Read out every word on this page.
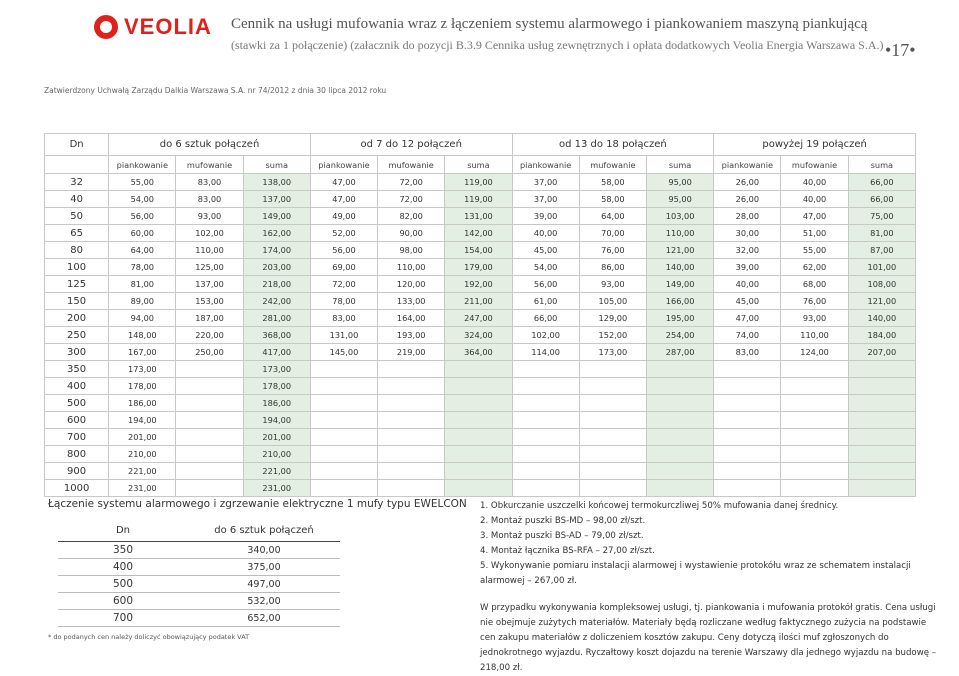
VEOLIA Cennik na usługi mufowania wraz z łączeniem systemu alarmowego i piankowaniem maszyną piankującą
(stawki za 1 połączenie) (załacznik do pozycji B.3.9 Cennika usług zewnętrznych i opłata dodatkowych Veolia Energia Warszawa S.A.) •17•
Zatwierdzony Uchwałą Zarządu Dalkia Warszawa S.A. nr 74/2012 z dnia 30 lipca 2012 roku
Dn	do 6 sztuk połączeń			od 7 do 12 połączeń			od 13 do 18 połączeń			powyżej 19 połączeń		
	piankowanie	mufowanie	suma	piankowanie	mufowanie	suma	piankowanie	mufowanie	suma	piankowanie	mufowanie	suma
32	55,00	83,00	138,00	47,00	72,00	119,00	37,00	58,00	95,00	26,00	40,00	66,00
40	54,00	83,00	137,00	47,00	72,00	119,00	37,00	58,00	95,00	26,00	40,00	66,00
50	56,00	93,00	149,00	49,00	82,00	131,00	39,00	64,00	103,00	28,00	47,00	75,00
65	60,00	102,00	162,00	52,00	90,00	142,00	40,00	70,00	110,00	30,00	51,00	81,00
80	64,00	110,00	174,00	56,00	98,00	154,00	45,00	76,00	121,00	32,00	55,00	87,00
100	78,00	125,00	203,00	69,00	110,00	179,00	54,00	86,00	140,00	39,00	62,00	101,00
125	81,00	137,00	218,00	72,00	120,00	192,00	56,00	93,00	149,00	40,00	68,00	108,00
150	89,00	153,00	242,00	78,00	133,00	211,00	61,00	105,00	166,00	45,00	76,00	121,00
200	94,00	187,00	281,00	83,00	164,00	247,00	66,00	129,00	195,00	47,00	93,00	140,00
250	148,00	220,00	368,00	131,00	193,00	324,00	102,00	152,00	254,00	74,00	110,00	184,00
300	167,00	250,00	417,00	145,00	219,00	364,00	114,00	173,00	287,00	83,00	124,00	207,00
350	173,00		173,00									
400	178,00		178,00									
500	186,00		186,00									
600	194,00		194,00									
700	201,00		201,00									
800	210,00		210,00									
900	221,00		221,00									
1000	231,00		231,00									
Łączenie systemu alarmowego i zgrzewanie elektryczne 1 mufy typu EWELCON
Dn	do 6 sztuk połączeń
350	340,00
400	375,00
500	497,00
600	532,00
700	652,00
* do podanych cen należy doliczyć obowiązujący podatek VAT
1. Obkurczanie uszczelki końcowej termokurczliwej 50% mufowania danej średnicy.
2. Montaż puszki BS-MD – 98,00 zł/szt.
3. Montaż puszki BS-AD – 79,00 zł/szt.
4. Montaż łącznika BS-RFA – 27,00 zł/szt.
5. Wykonywanie pomiaru instalacji alarmowej i wystawienie protokółu wraz ze schematem instalacji alarmowej – 267,00 zł.
W przypadku wykonywania kompleksowej usługi, tj. piankowania i mufowania protokół gratis. Cena usługi nie obejmuje zużytych materiałów. Materiały będą rozliczane według faktycznego zużycia na podstawie cen zakupu materiałów z doliczeniem kosztów zakupu. Ceny dotyczą ilości muf zgłoszonych do jednokrotnego wyjazdu. Ryczałtowy koszt dojazdu na terenie Warszawy dla jednego wyjazdu na budowę – 218,00 zł.
